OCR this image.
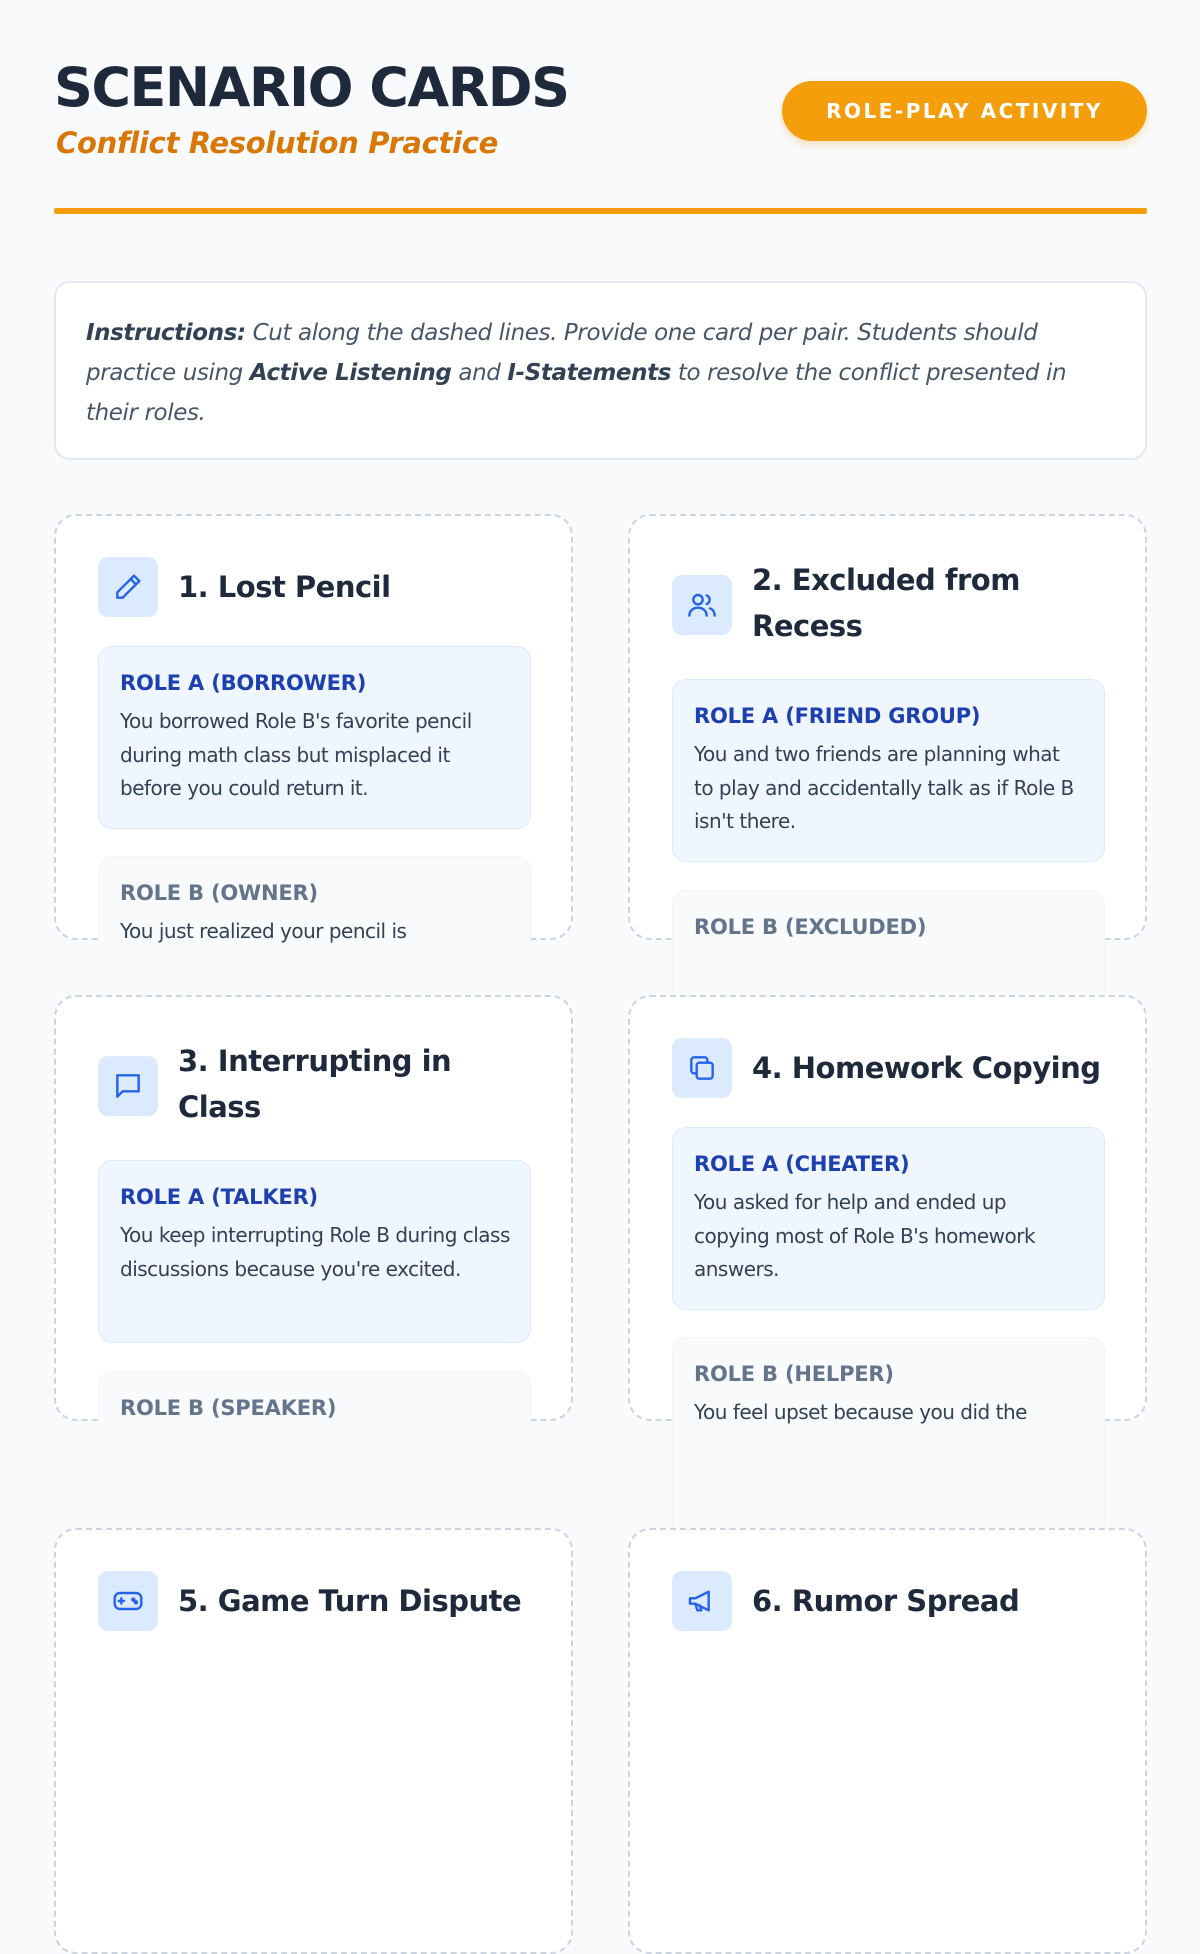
SCENARIO CARDS
Conflict Resolution Practice
ROLE-PLAY ACTIVITY
Instructions: Cut along the dashed lines. Provide one card per pair. Students should practice using Active Listening and I-Statements to resolve the conflict presented in their roles.
1. Lost Pencil
ROLE A (BORROWER)
You borrowed Role B's favorite pencil during math class but misplaced it before you could return it.
ROLE B (OWNER)
You just realized your pencil is
2. Excluded from Recess
ROLE A (FRIEND GROUP)
You and two friends are planning what to play and accidentally talk as if Role B isn't there.
ROLE B (EXCLUDED)
3. Interrupting in Class
ROLE A (TALKER)
You keep interrupting Role B during class discussions because you're excited.
ROLE B (SPEAKER)
4. Homework Copying
ROLE A (CHEATER)
You asked for help and ended up copying most of Role B's homework answers.
ROLE B (HELPER)
You feel upset because you did the
5. Game Turn Dispute	6. Rumor Spread
